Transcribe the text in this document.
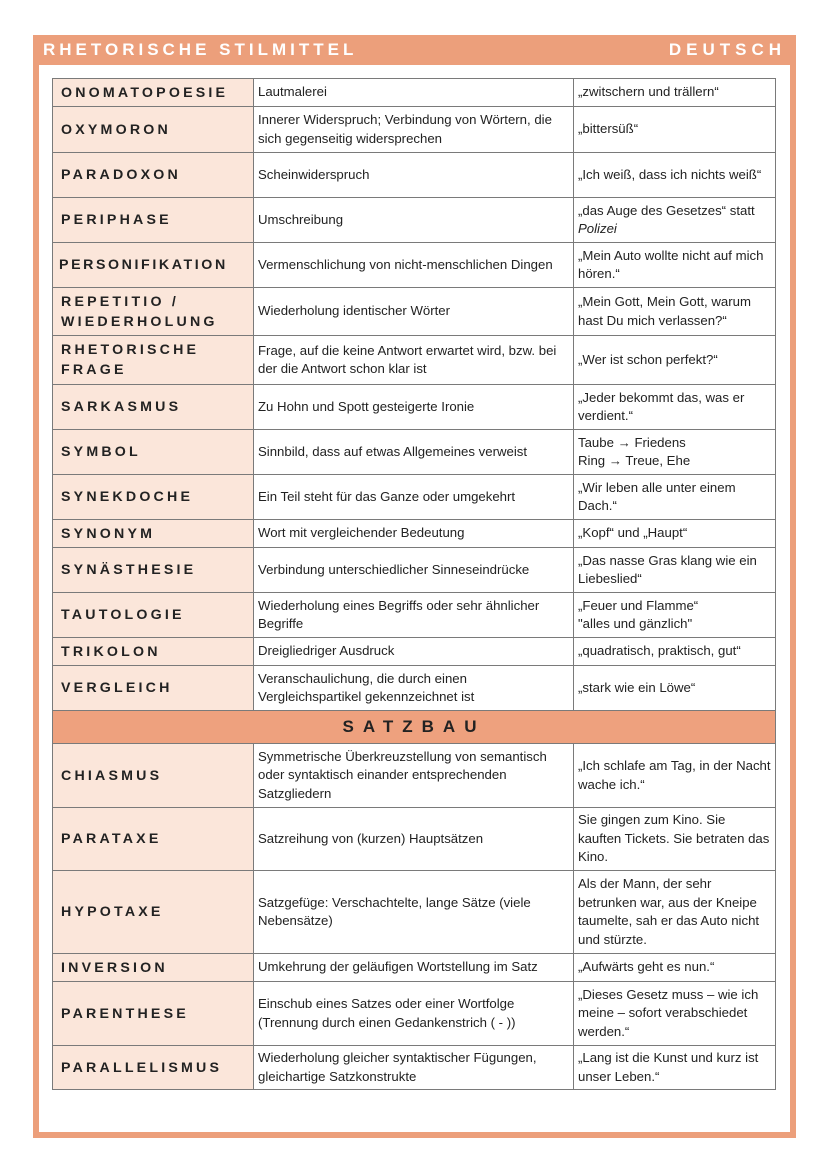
RHETORISCHE STILMITTEL	DEUTSCH
ONOMATOPOESIE	Lautmalerei	„zwitschern und trällern“
OXYMORON	Innerer Widerspruch; Verbindung von Wörtern, die sich gegenseitig widersprechen	„bittersüß“
PARADOXON	Scheinwiderspruch	„Ich weiß, dass ich nichts weiß“
PERIPHASE	Umschreibung	„das Auge des Gesetzes“ statt
Polizei

PERSONIFIKATION	Vermenschlichung von nicht-menschlichen Dingen	„Mein Auto wollte nicht auf mich hören.“
REPETITIO / WIEDERHOLUNG	Wiederholung identischer Wörter	„Mein Gott, Mein Gott, warum hast Du mich verlassen?“
RHETORISCHE FRAGE	Frage, auf die keine Antwort erwartet wird, bzw. bei der die Antwort schon klar ist	„Wer ist schon perfekt?“
SARKASMUS	Zu Hohn und Spott gesteigerte Ironie	„Jeder bekommt das, was er verdient.“
SYMBOL	Sinnbild, dass auf etwas Allgemeines verweist	Taube → Friedens
Ring → Treue, Ehe

SYNEKDOCHE	Ein Teil steht für das Ganze oder umgekehrt	„Wir leben alle unter einem Dach.“
SYNONYM	Wort mit vergleichender Bedeutung	„Kopf“ und „Haupt“
SYNÄSTHESIE	Verbindung unterschiedlicher Sinneseindrücke	„Das nasse Gras klang wie ein Liebeslied“
TAUTOLOGIE	Wiederholung eines Begriffs oder sehr ähnlicher Begriffe	„Feuer und Flamme“
"alles und gänzlich"

TRIKOLON	Dreigliedriger Ausdruck	„quadratisch, praktisch, gut“
VERGLEICH	Veranschaulichung, die durch einen Vergleichspartikel gekennzeichnet ist	„stark wie ein Löwe“
SATZBAU		
CHIASMUS	Symmetrische Überkreuzstellung von semantisch oder syntaktisch einander entsprechenden Satzgliedern	„Ich schlafe am Tag, in der Nacht wache ich.“
PARATAXE	Satzreihung von (kurzen) Hauptsätzen	Sie gingen zum Kino. Sie kauften Tickets. Sie betraten das Kino.
HYPOTAXE	Satzgefüge: Verschachtelte, lange Sätze (viele Nebensätze)	Als der Mann, der sehr betrunken war, aus der Kneipe taumelte, sah er das Auto nicht und stürzte.
INVERSION	Umkehrung der geläufigen Wortstellung im Satz	„Aufwärts geht es nun.“
PARENTHESE	Einschub eines Satzes oder einer Wortfolge (Trennung durch einen Gedankenstrich ( - ))	„Dieses Gesetz muss – wie ich meine – sofort verabschiedet werden.“
PARALLELISMUS	Wiederholung gleicher syntaktischer Fügungen, gleichartige Satzkonstrukte	„Lang ist die Kunst und kurz ist unser Leben.“
